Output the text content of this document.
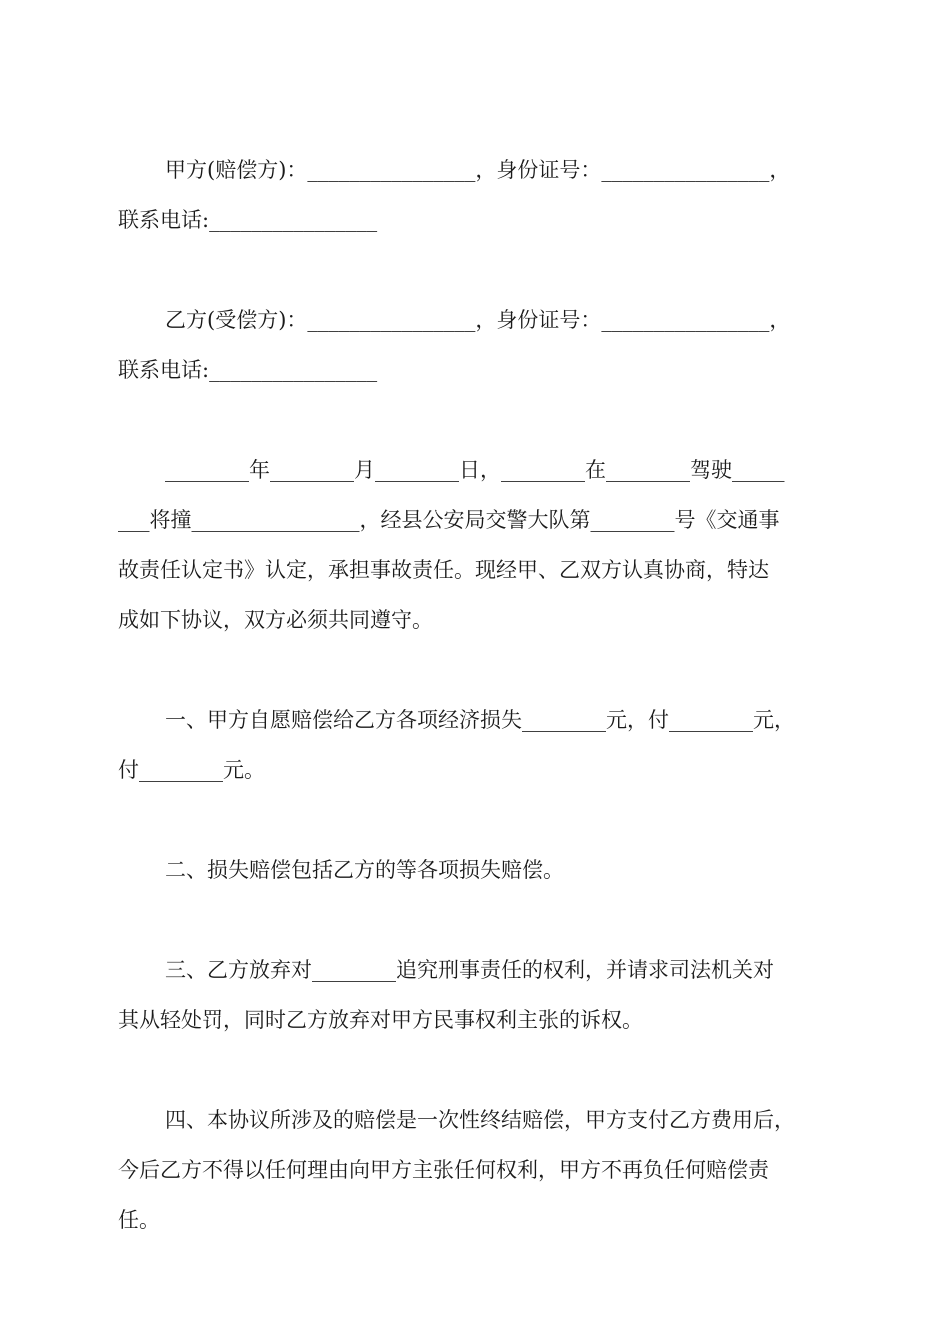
甲方(赔偿方)：________________，身份证号：________________，
联系电话:________________
乙方(受偿方)：________________，身份证号：________________，
联系电话:________________
________年________月________日，________在________驾驶_____
___将撞________________，经县公安局交警大队第________号《交通事
故责任认定书》认定，承担事故责任。现经甲、乙双方认真协商，特达
成如下协议，双方必须共同遵守。
一、甲方自愿赔偿给乙方各项经济损失________元，付________元，
付________元。
二、损失赔偿包括乙方的等各项损失赔偿。
三、乙方放弃对________追究刑事责任的权利，并请求司法机关对
其从轻处罚，同时乙方放弃对甲方民事权利主张的诉权。
四、本协议所涉及的赔偿是一次性终结赔偿，甲方支付乙方费用后，
今后乙方不得以任何理由向甲方主张任何权利，甲方不再负任何赔偿责
任。
